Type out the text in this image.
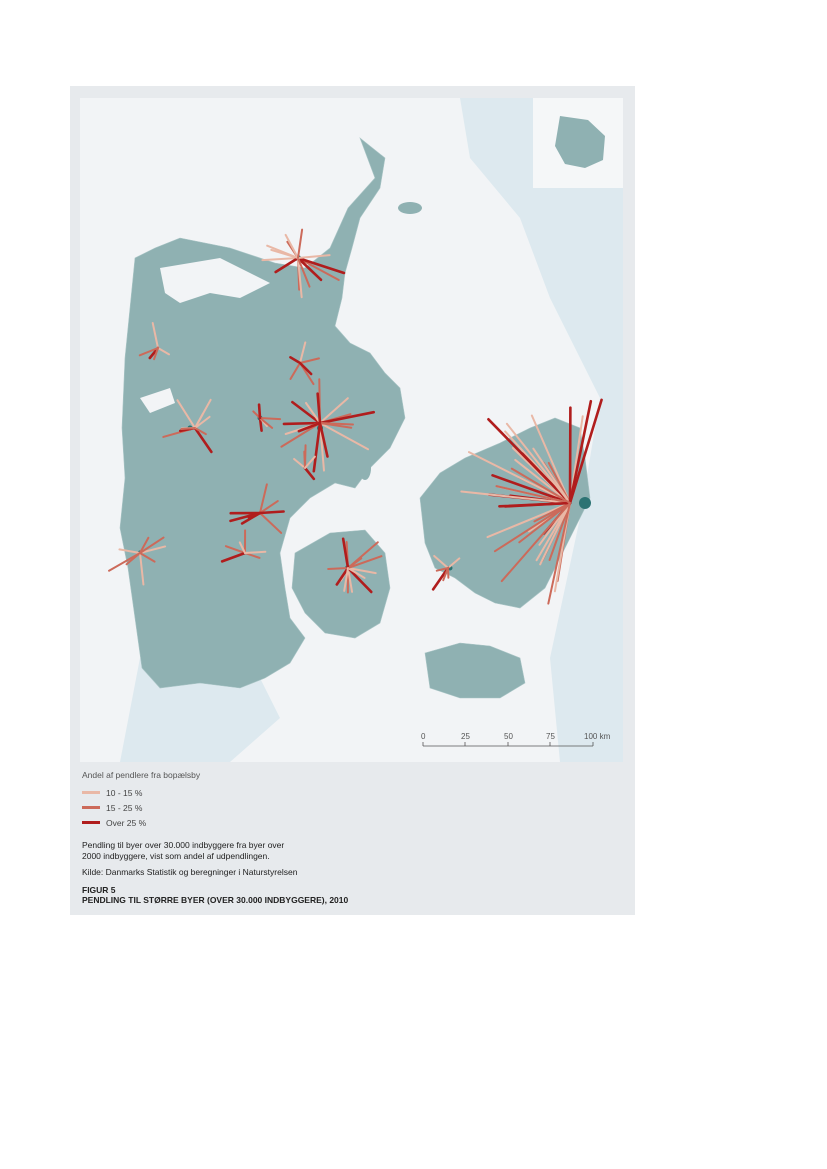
0	25	50	75	100 km
Andel af pendlere fra bopælsby
10 - 15 %
15 - 25 %
Over 25 %
Pendling til byer over 30.000 indbyggere fra byer over
2000 indbyggere, vist som andel af udpendlingen.
Kilde: Danmarks Statistik og beregninger i Naturstyrelsen
FIGUR 5
PENDLING TIL STØRRE BYER (OVER 30.000 INDBYGGERE), 2010
